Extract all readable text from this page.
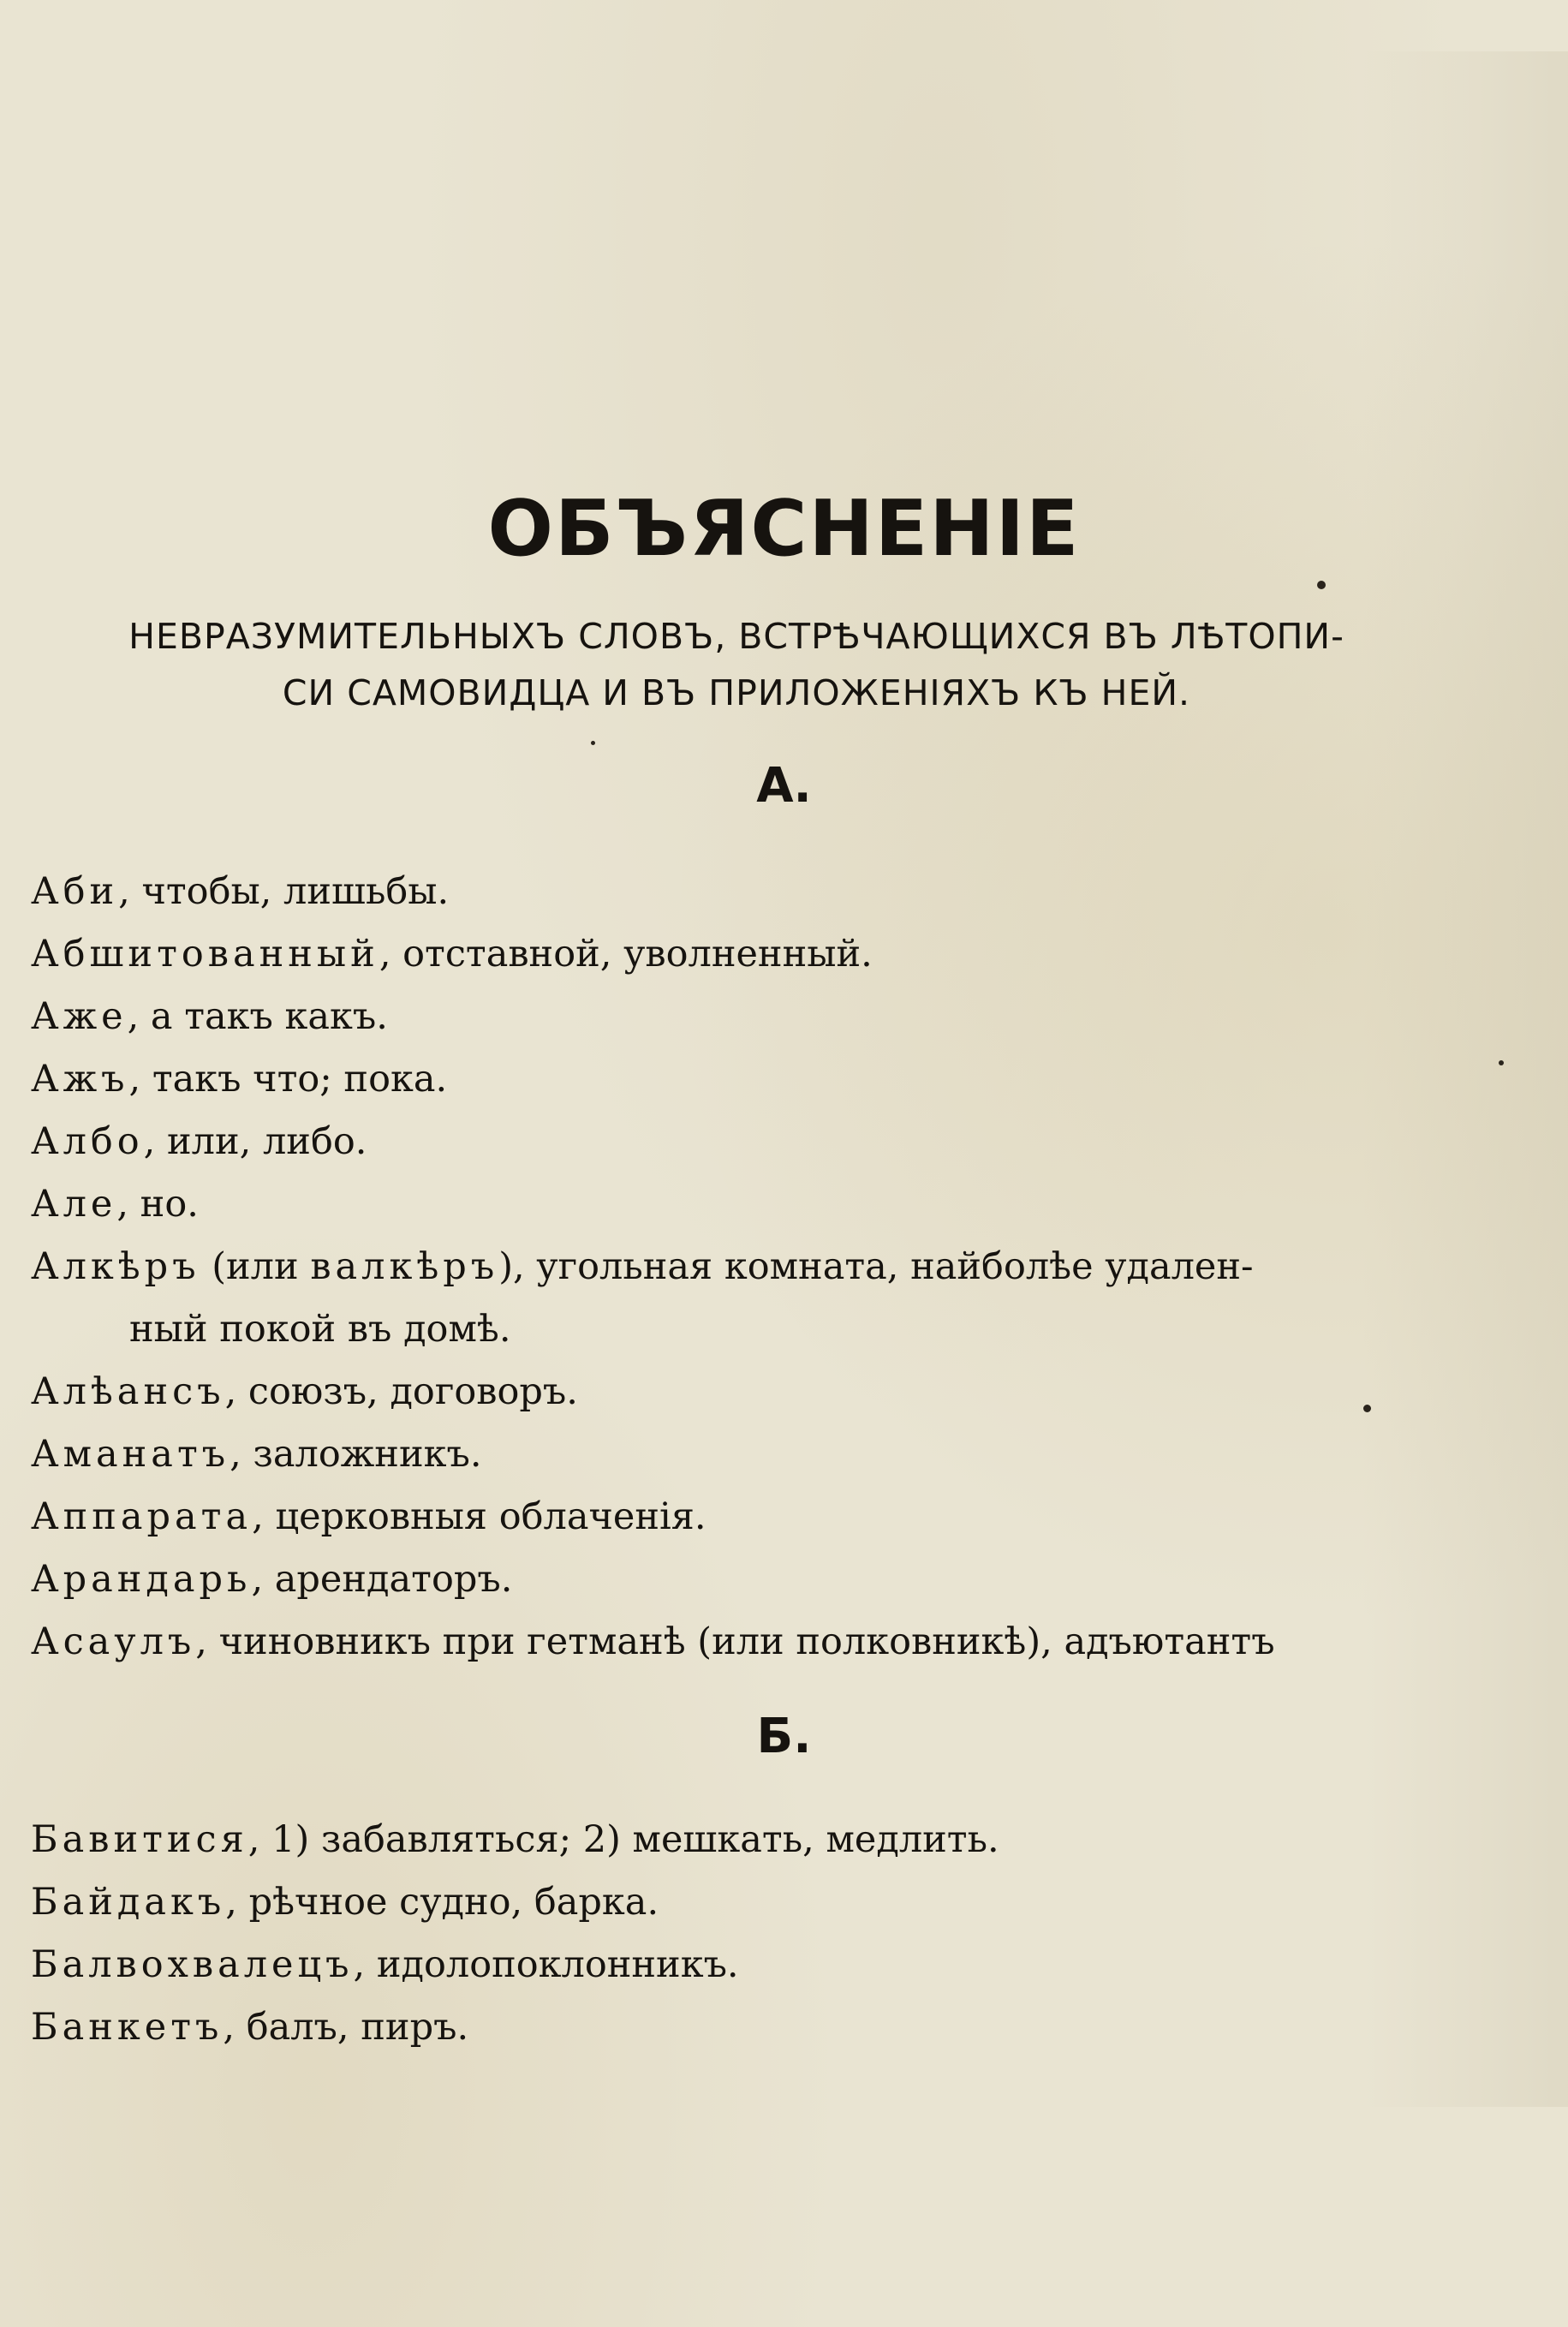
ОБЪЯСНЕНІЕ
НЕВРАЗУМИТЕЛЬНЫХЪ СЛОВЪ, ВСТРѢЧАЮЩИХСЯ ВЪ ЛѢТОПИ-
СИ САМОВИДЦА И ВЪ ПРИЛОЖЕНІЯХЪ КЪ НЕЙ.
А.

Аби, чтобы, лишьбы.

Абшитованный, отставной, уволненный.

Аже, а такъ какъ.

Ажъ, такъ что; пока.

Албо, или, либо.

Але, но.

Алкѣръ (или валкѣръ), угольная комната, найболѣе удален-
ный покой въ домѣ.

Алѣансъ, союзъ, договоръ.

Аманатъ, заложникъ.

Аппарата, церковныя облаченія.

Арандарь, арендаторъ.

Асаулъ, чиновникъ при гетманѣ (или полковникѣ), адъютантъ

Б.

Бавитися, 1) забавляться; 2) мешкать, медлить.

Байдакъ, рѣчное судно, барка.

Балвохвалецъ, идолопоклонникъ.

Банкетъ, балъ, пиръ.
